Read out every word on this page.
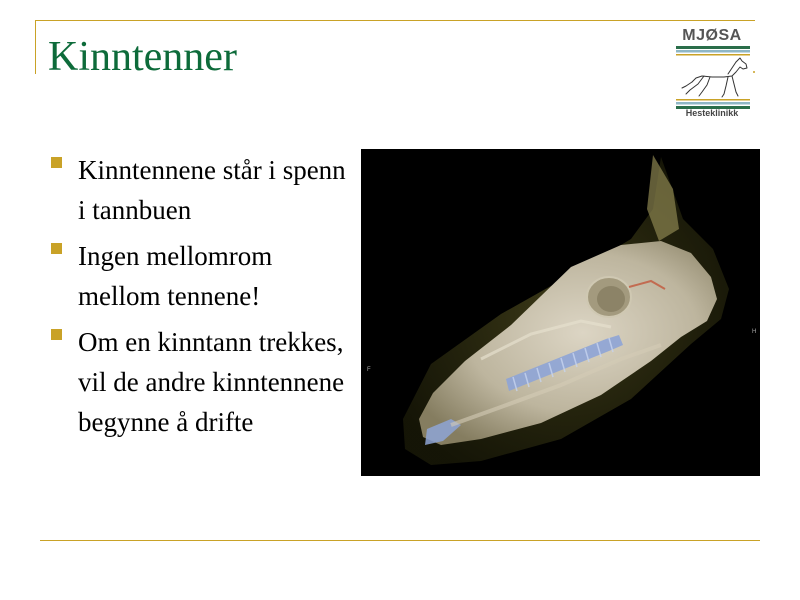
Kinntenner	MJØSA
Hesteklinikk
Kinntennene står i spenn i tannbuen
Ingen mellomrom mellom tennene!
Om en kinntann trekkes, vil de andre kinntennene begynne å drifte
F
H
